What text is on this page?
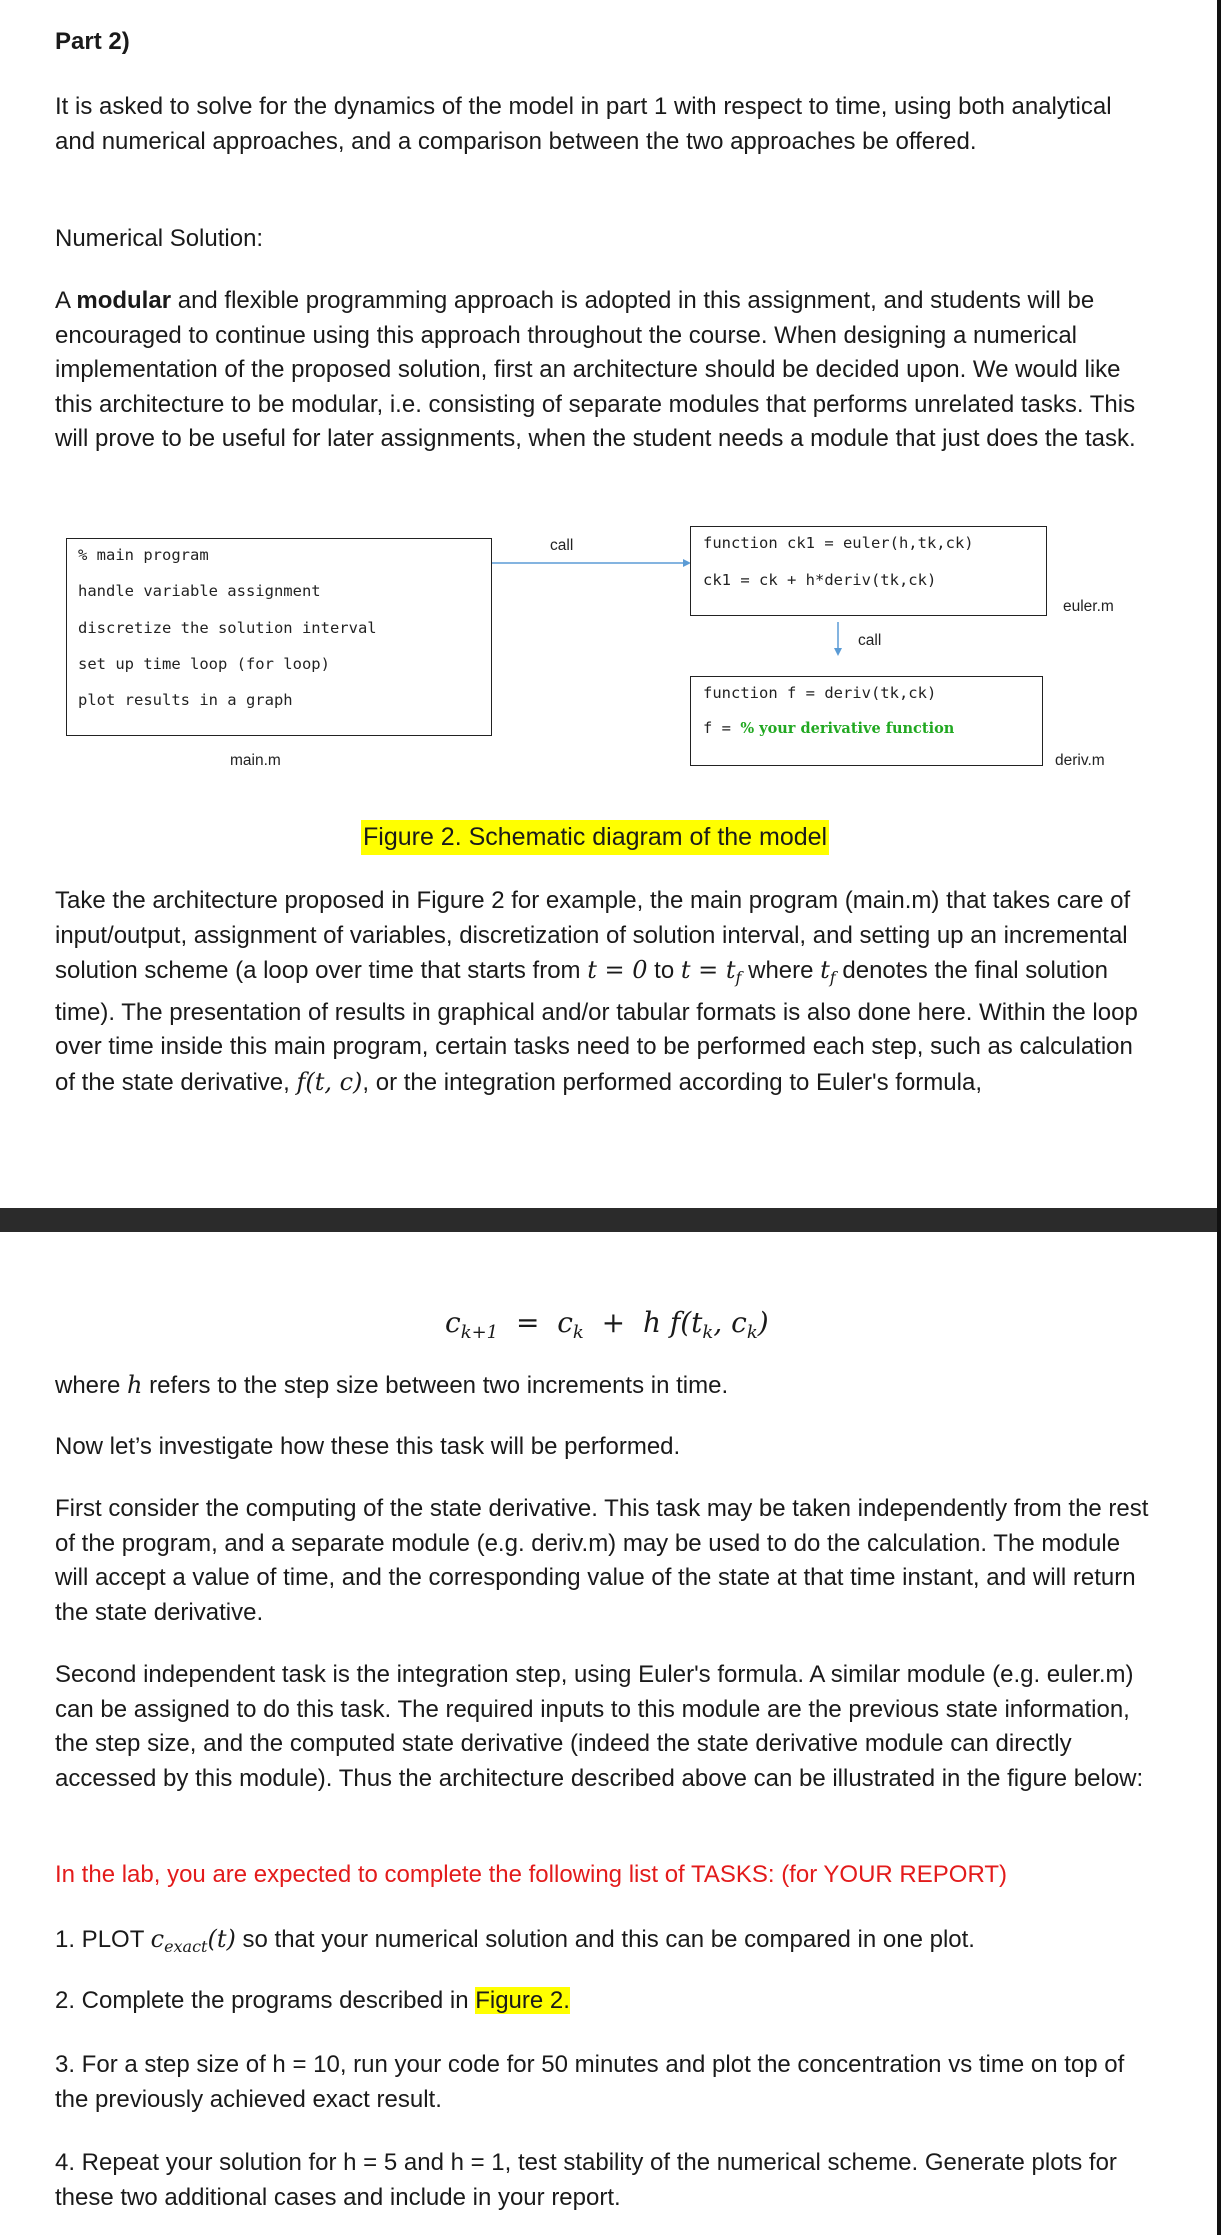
Part 2)

It is asked to solve for the dynamics of the model in part 1 with respect to time, using both analytical and numerical approaches, and a comparison between the two approaches be offered.

Numerical Solution:

A modular and flexible programming approach is adopted in this assignment, and students will be encouraged to continue using this approach throughout the course. When designing a numerical implementation of the proposed solution, first an architecture should be decided upon. We would like this architecture to be modular, i.e. consisting of separate modules that performs unrelated tasks. This will prove to be useful for later assignments, when the student needs a module that just does the task.

% main program
handle variable assignment
discretize the solution interval
set up time loop (for loop)
plot results in a graph
main.m
call	function ck1 = euler(h,tk,ck)
ck1 = ck + h*deriv(tk,ck)
euler.m
call
function f = deriv(tk,ck)
f = % your derivative function
deriv.m
Figure 2. Schematic diagram of the model

Take the architecture proposed in Figure 2 for example, the main program (main.m) that takes care of input/output, assignment of variables, discretization of solution interval, and setting up an incremental solution scheme (a loop over time that starts from t = 0 to $t = t_f$ where $t_f$ denotes the final solution time). The presentation of results in graphical and/or tabular formats is also done here. Within the loop over time inside this main program, certain tasks need to be performed each step, such as calculation of the state derivative, f(t, c), or the integration performed according to Euler's formula,

$c_{k+1} = c_k + h$ $f(t_k$, $c_k$)

where h refers to the step size between two increments in time.

Now let’s investigate how these this task will be performed.

First consider the computing of the state derivative. This task may be taken independently from the rest of the program, and a separate module (e.g. deriv.m) may be used to do the calculation. The module will accept a value of time, and the corresponding value of the state at that time instant, and will return the state derivative.

Second independent task is the integration step, using Euler's formula. A similar module (e.g. euler.m) can be assigned to do this task. The required inputs to this module are the previous state information, the step size, and the computed state derivative (indeed the state derivative module can directly accessed by this module). Thus the architecture described above can be illustrated in the figure below:

In the lab, you are expected to complete the following list of TASKS: (for YOUR REPORT)

1. PLOT $c_{exact}(t)$ so that your numerical solution and this can be compared in one plot.

2. Complete the programs described in Figure 2.

3. For a step size of h = 10, run your code for 50 minutes and plot the concentration vs time on top of the previously achieved exact result.

4. Repeat your solution for h = 5 and h = 1, test stability of the numerical scheme. Generate plots for these two additional cases and include in your report.
